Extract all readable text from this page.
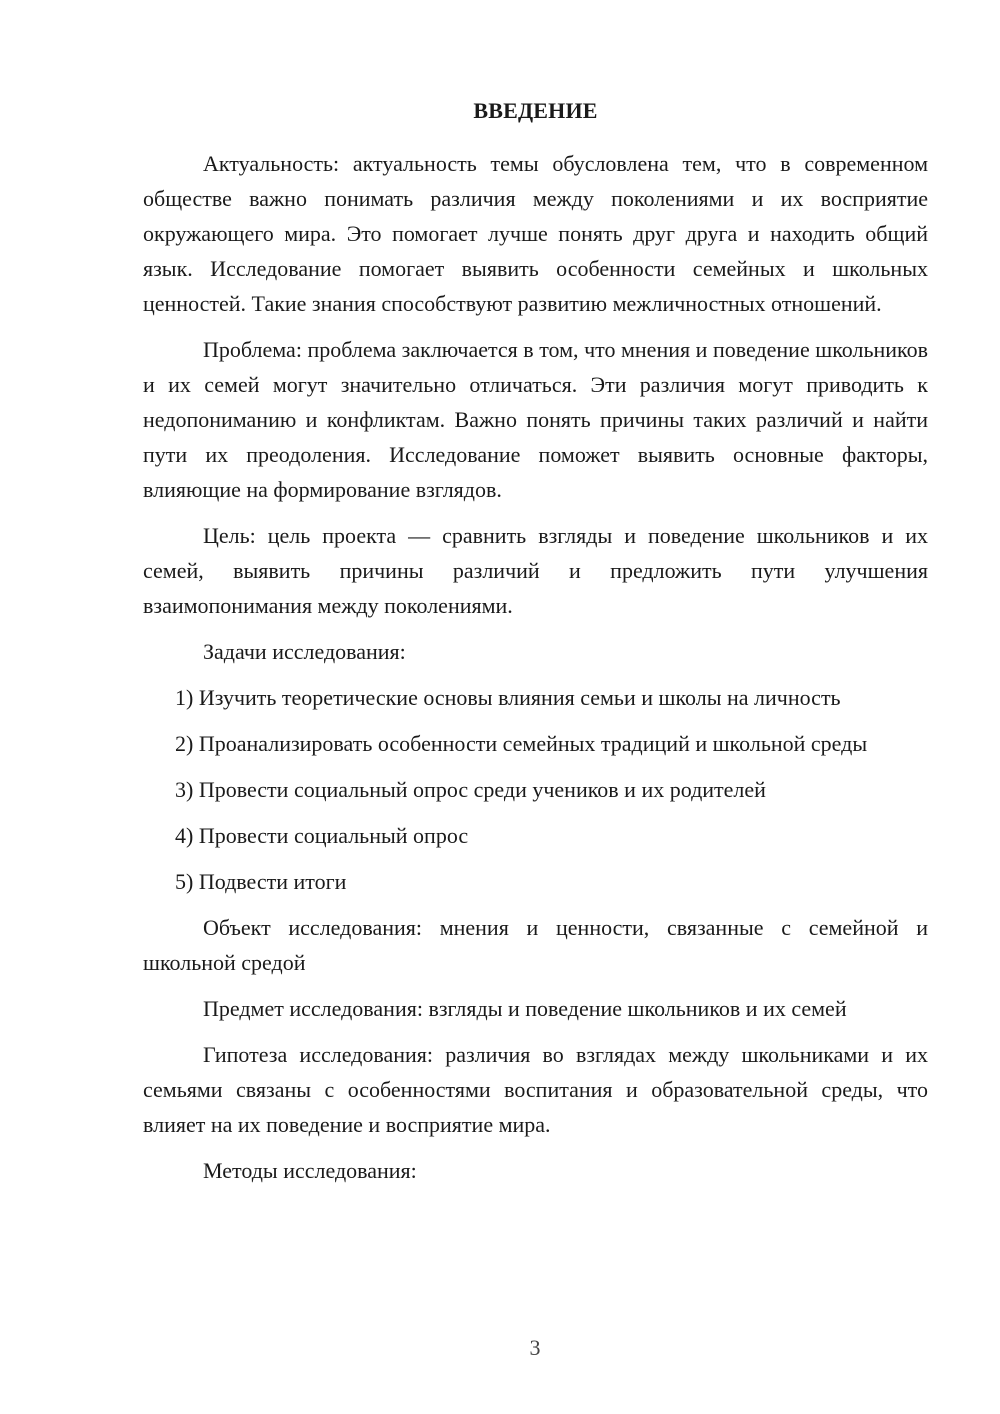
ВВЕДЕНИЕ

Актуальность: актуальность темы обусловлена тем, что в современном обществе важно понимать различия между поколениями и их восприятие окружающего мира. Это помогает лучше понять друг друга и находить общий язык. Исследование помогает выявить особенности семейных и школьных ценностей. Такие знания способствуют развитию межличностных отношений.

Проблема: проблема заключается в том, что мнения и поведение школьников и их семей могут значительно отличаться. Эти различия могут приводить к недопониманию и конфликтам. Важно понять причины таких различий и найти пути их преодоления. Исследование поможет выявить основные факторы, влияющие на формирование взглядов.

Цель: цель проекта — сравнить взгляды и поведение школьников и их семей, выявить причины различий и предложить пути улучшения взаимопонимания между поколениями.

Задачи исследования:

1) Изучить теоретические основы влияния семьи и школы на личность

2) Проанализировать особенности семейных традиций и школьной среды

3) Провести социальный опрос среди учеников и их родителей

4) Провести социальный опрос

5) Подвести итоги

Объект исследования: мнения и ценности, связанные с семейной и школьной средой

Предмет исследования: взгляды и поведение школьников и их семей

Гипотеза исследования: различия во взглядах между школьниками и их семьями связаны с особенностями воспитания и образовательной среды, что влияет на их поведение и восприятие мира.

Методы исследования:

3
